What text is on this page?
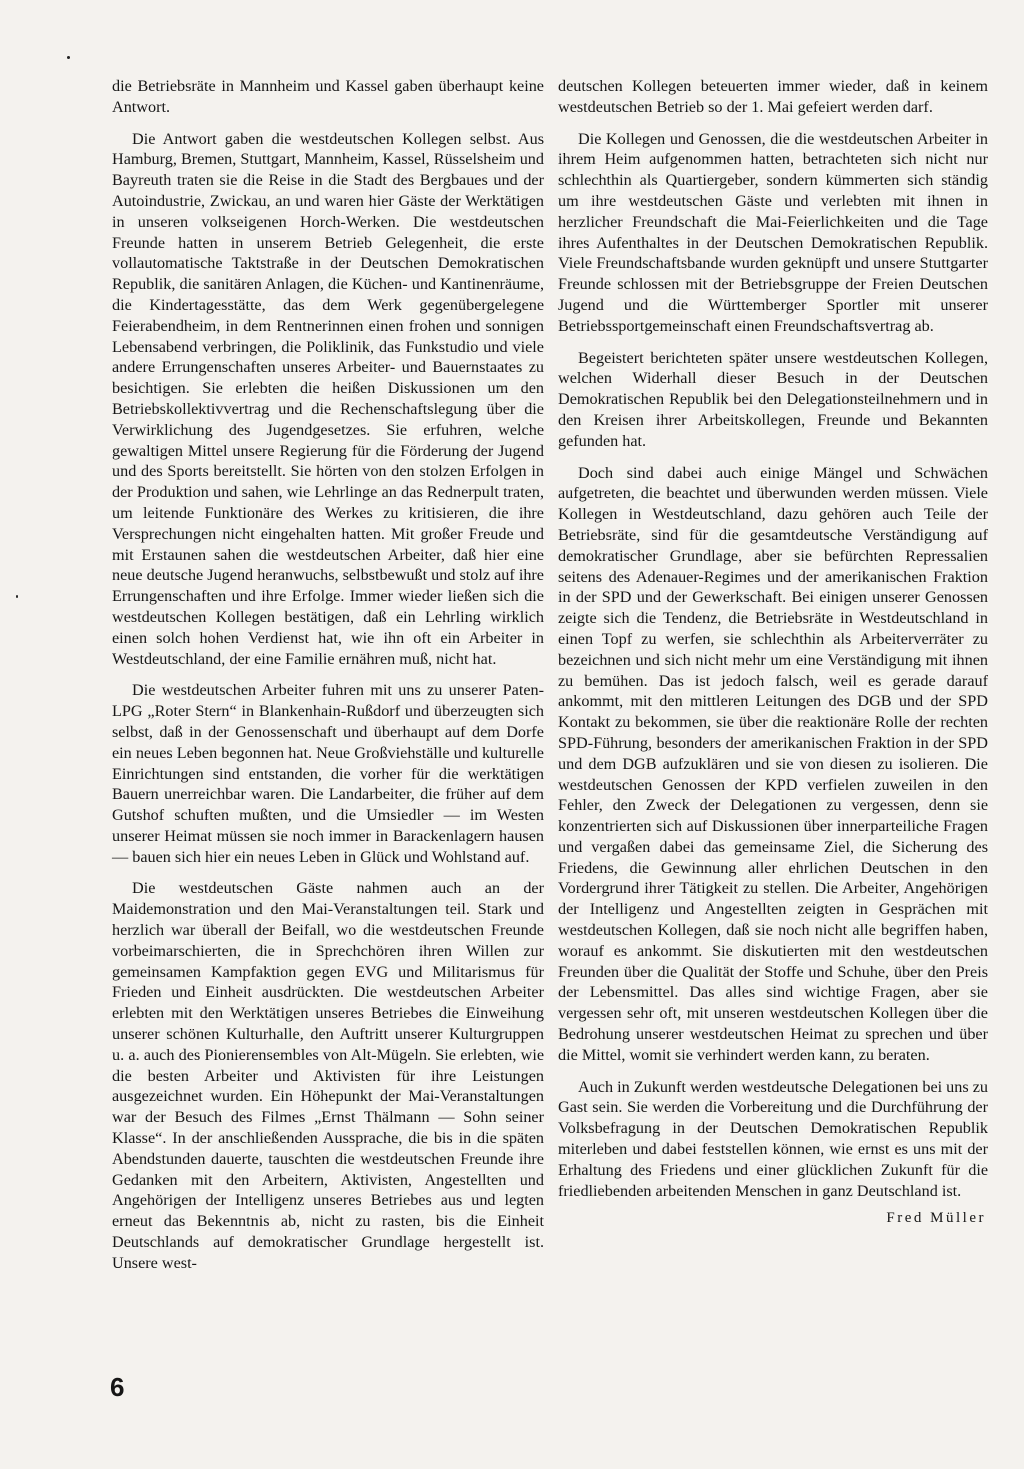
die Betriebsräte in Mannheim und Kassel gaben überhaupt keine Antwort.

Die Antwort gaben die westdeutschen Kollegen selbst. Aus Hamburg, Bremen, Stuttgart, Mannheim, Kassel, Rüsselsheim und Bayreuth traten sie die Reise in die Stadt des Bergbaues und der Autoindustrie, Zwickau, an und waren hier Gäste der Werktätigen in unseren volkseigenen Horch-Werken. Die westdeutschen Freunde hatten in unserem Betrieb Gelegenheit, die erste vollautomatische Taktstraße in der Deutschen Demokratischen Republik, die sanitären Anlagen, die Küchen- und Kantinenräume, die Kindertagesstätte, das dem Werk gegenübergelegene Feierabendheim, in dem Rentnerinnen einen frohen und sonnigen Lebensabend verbringen, die Poliklinik, das Funkstudio und viele andere Errungenschaften unseres Arbeiter- und Bauernstaates zu besichtigen. Sie erlebten die heißen Diskussionen um den Betriebskollektivvertrag und die Rechenschaftslegung über die Verwirklichung des Jugendgesetzes. Sie erfuhren, welche gewaltigen Mittel unsere Regierung für die Förderung der Jugend und des Sports bereitstellt. Sie hörten von den stolzen Erfolgen in der Produktion und sahen, wie Lehrlinge an das Rednerpult traten, um leitende Funktionäre des Werkes zu kritisieren, die ihre Versprechungen nicht eingehalten hatten. Mit großer Freude und mit Erstaunen sahen die westdeutschen Arbeiter, daß hier eine neue deutsche Jugend heranwuchs, selbstbewußt und stolz auf ihre Errungenschaften und ihre Erfolge. Immer wieder ließen sich die westdeutschen Kollegen bestätigen, daß ein Lehrling wirklich einen solch hohen Verdienst hat, wie ihn oft ein Arbeiter in Westdeutschland, der eine Familie ernähren muß, nicht hat.

Die westdeutschen Arbeiter fuhren mit uns zu unserer Paten-LPG „Roter Stern“ in Blankenhain-Rußdorf und überzeugten sich selbst, daß in der Genossenschaft und überhaupt auf dem Dorfe ein neues Leben begonnen hat. Neue Großviehställe und kulturelle Einrichtungen sind entstanden, die vorher für die werktätigen Bauern unerreichbar waren. Die Landarbeiter, die früher auf dem Gutshof schuften mußten, und die Umsiedler — im Westen unserer Heimat müssen sie noch immer in Barackenlagern hausen — bauen sich hier ein neues Leben in Glück und Wohlstand auf.

Die westdeutschen Gäste nahmen auch an der Maidemonstration und den Mai-Veranstaltungen teil. Stark und herzlich war überall der Beifall, wo die westdeutschen Freunde vorbeimarschierten, die in Sprechchören ihren Willen zur gemeinsamen Kampfaktion gegen EVG und Militarismus für Frieden und Einheit ausdrückten. Die westdeutschen Arbeiter erlebten mit den Werktätigen unseres Betriebes die Einweihung unserer schönen Kulturhalle, den Auftritt unserer Kulturgruppen u. a. auch des Pionierensembles von Alt-Mügeln. Sie erlebten, wie die besten Arbeiter und Aktivisten für ihre Leistungen ausgezeichnet wurden. Ein Höhepunkt der Mai-Veranstaltungen war der Besuch des Filmes „Ernst Thälmann — Sohn seiner Klasse“. In der anschließenden Aussprache, die bis in die späten Abendstunden dauerte, tauschten die westdeutschen Freunde ihre Gedanken mit den Arbeitern, Aktivisten, Angestellten und Angehörigen der Intelligenz unseres Betriebes aus und legten erneut das Bekenntnis ab, nicht zu rasten, bis die Einheit Deutschlands auf demokratischer Grundlage hergestellt ist. Unsere west-

deutschen Kollegen beteuerten immer wieder, daß in keinem westdeutschen Betrieb so der 1. Mai gefeiert werden darf.

Die Kollegen und Genossen, die die westdeutschen Arbeiter in ihrem Heim aufgenommen hatten, betrachteten sich nicht nur schlechthin als Quartiergeber, sondern kümmerten sich ständig um ihre westdeutschen Gäste und verlebten mit ihnen in herzlicher Freundschaft die Mai-Feierlichkeiten und die Tage ihres Aufenthaltes in der Deutschen Demokratischen Republik. Viele Freundschaftsbande wurden geknüpft und unsere Stuttgarter Freunde schlossen mit der Betriebsgruppe der Freien Deutschen Jugend und die Württemberger Sportler mit unserer Betriebssportgemeinschaft einen Freundschaftsvertrag ab.

Begeistert berichteten später unsere westdeutschen Kollegen, welchen Widerhall dieser Besuch in der Deutschen Demokratischen Republik bei den Delegationsteilnehmern und in den Kreisen ihrer Arbeitskollegen, Freunde und Bekannten gefunden hat.

Doch sind dabei auch einige Mängel und Schwächen aufgetreten, die beachtet und überwunden werden müssen. Viele Kollegen in Westdeutschland, dazu gehören auch Teile der Betriebsräte, sind für die gesamtdeutsche Verständigung auf demokratischer Grundlage, aber sie befürchten Repressalien seitens des Adenauer-Regimes und der amerikanischen Fraktion in der SPD und der Gewerkschaft. Bei einigen unserer Genossen zeigte sich die Tendenz, die Betriebsräte in Westdeutschland in einen Topf zu werfen, sie schlechthin als Arbeiterverräter zu bezeichnen und sich nicht mehr um eine Verständigung mit ihnen zu bemühen. Das ist jedoch falsch, weil es gerade darauf ankommt, mit den mittleren Leitungen des DGB und der SPD Kontakt zu bekommen, sie über die reaktionäre Rolle der rechten SPD-Führung, besonders der amerikanischen Fraktion in der SPD und dem DGB aufzuklären und sie von diesen zu isolieren. Die westdeutschen Genossen der KPD verfielen zuweilen in den Fehler, den Zweck der Delegationen zu vergessen, denn sie konzentrierten sich auf Diskussionen über innerparteiliche Fragen und vergaßen dabei das gemeinsame Ziel, die Sicherung des Friedens, die Gewinnung aller ehrlichen Deutschen in den Vordergrund ihrer Tätigkeit zu stellen. Die Arbeiter, Angehörigen der Intelligenz und Angestellten zeigten in Gesprächen mit westdeutschen Kollegen, daß sie noch nicht alle begriffen haben, worauf es ankommt. Sie diskutierten mit den westdeutschen Freunden über die Qualität der Stoffe und Schuhe, über den Preis der Lebensmittel. Das alles sind wichtige Fragen, aber sie vergessen sehr oft, mit unseren westdeutschen Kollegen über die Bedrohung unserer westdeutschen Heimat zu sprechen und über die Mittel, womit sie verhindert werden kann, zu beraten.

Auch in Zukunft werden westdeutsche Delegationen bei uns zu Gast sein. Sie werden die Vorbereitung und die Durchführung der Volksbefragung in der Deutschen Demokratischen Republik miterleben und dabei feststellen können, wie ernst es uns mit der Erhaltung des Friedens und einer glücklichen Zukunft für die friedliebenden arbeitenden Menschen in ganz Deutschland ist.

Fred Müller
6
